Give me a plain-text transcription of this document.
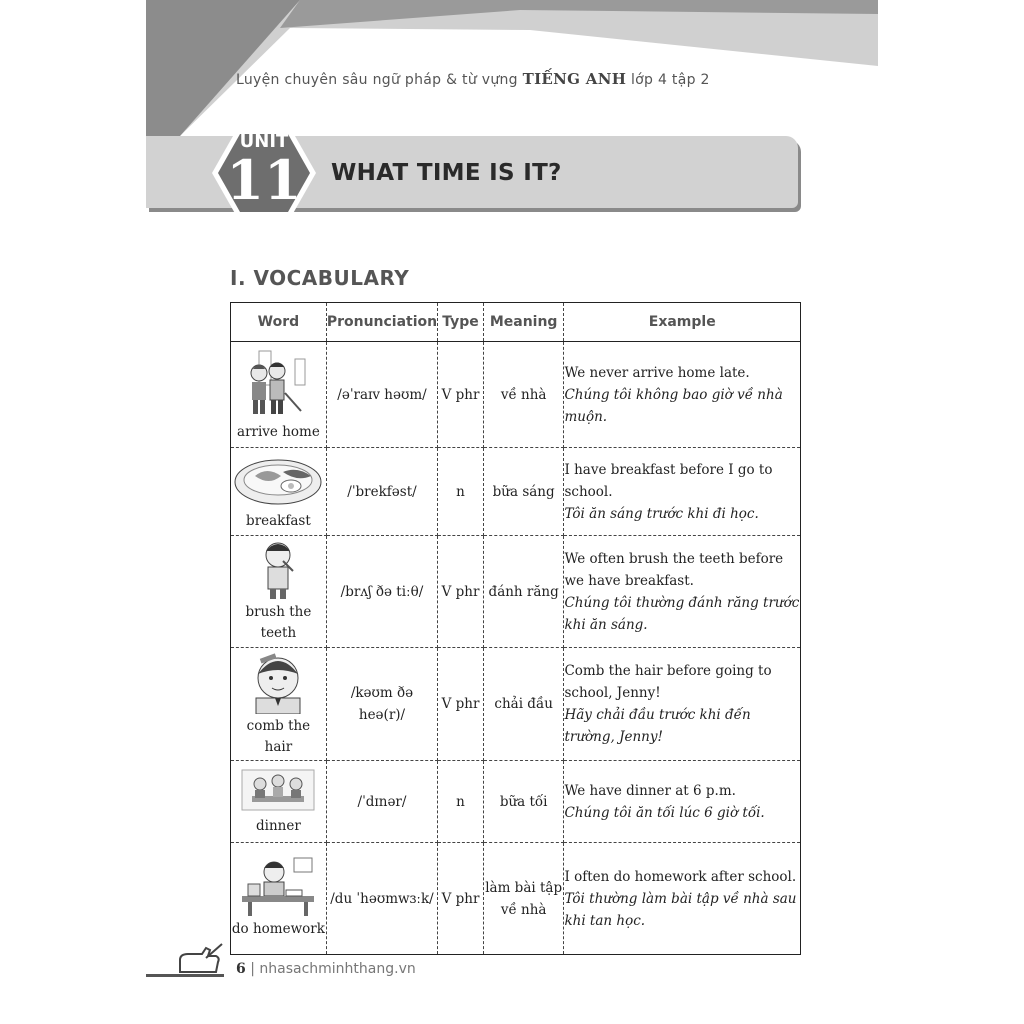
Luyện chuyên sâu ngữ pháp & từ vựng TIẾNG ANH lớp 4 tập 2
UNIT
11	WHAT TIME IS IT?
I. VOCABULARY
Word	Pronunciation	Type	Meaning	Example

arrive home	/əˈraɪv həʊm/	V phr	về nhà	We never arrive home late.
Chúng tôi không bao giờ về nhà muộn.

breakfast	/ˈbrekfəst/	n	bữa sáng	I have breakfast before I go to school.
Tôi ăn sáng trước khi đi học.

brush the teeth	/brʌʃ ðə tiːθ/	V phr	đánh răng	We often brush the teeth before we have breakfast.
Chúng tôi thường đánh răng trước khi ăn sáng.

comb the hair	/kəʊm ðə heə(r)/	V phr	chải đầu	Comb the hair before going to school, Jenny!
Hãy chải đầu trước khi đến trường, Jenny!

dinner	/ˈdɪnər/	n	bữa tối	We have dinner at 6 p.m.
Chúng tôi ăn tối lúc 6 giờ tối.

do homework	/du ˈhəʊmwɜːk/	V phr	làm bài tập về nhà	I often do homework after school.
Tôi thường làm bài tập về nhà sau khi tan học.
6 | nhasachminhthang.vn
